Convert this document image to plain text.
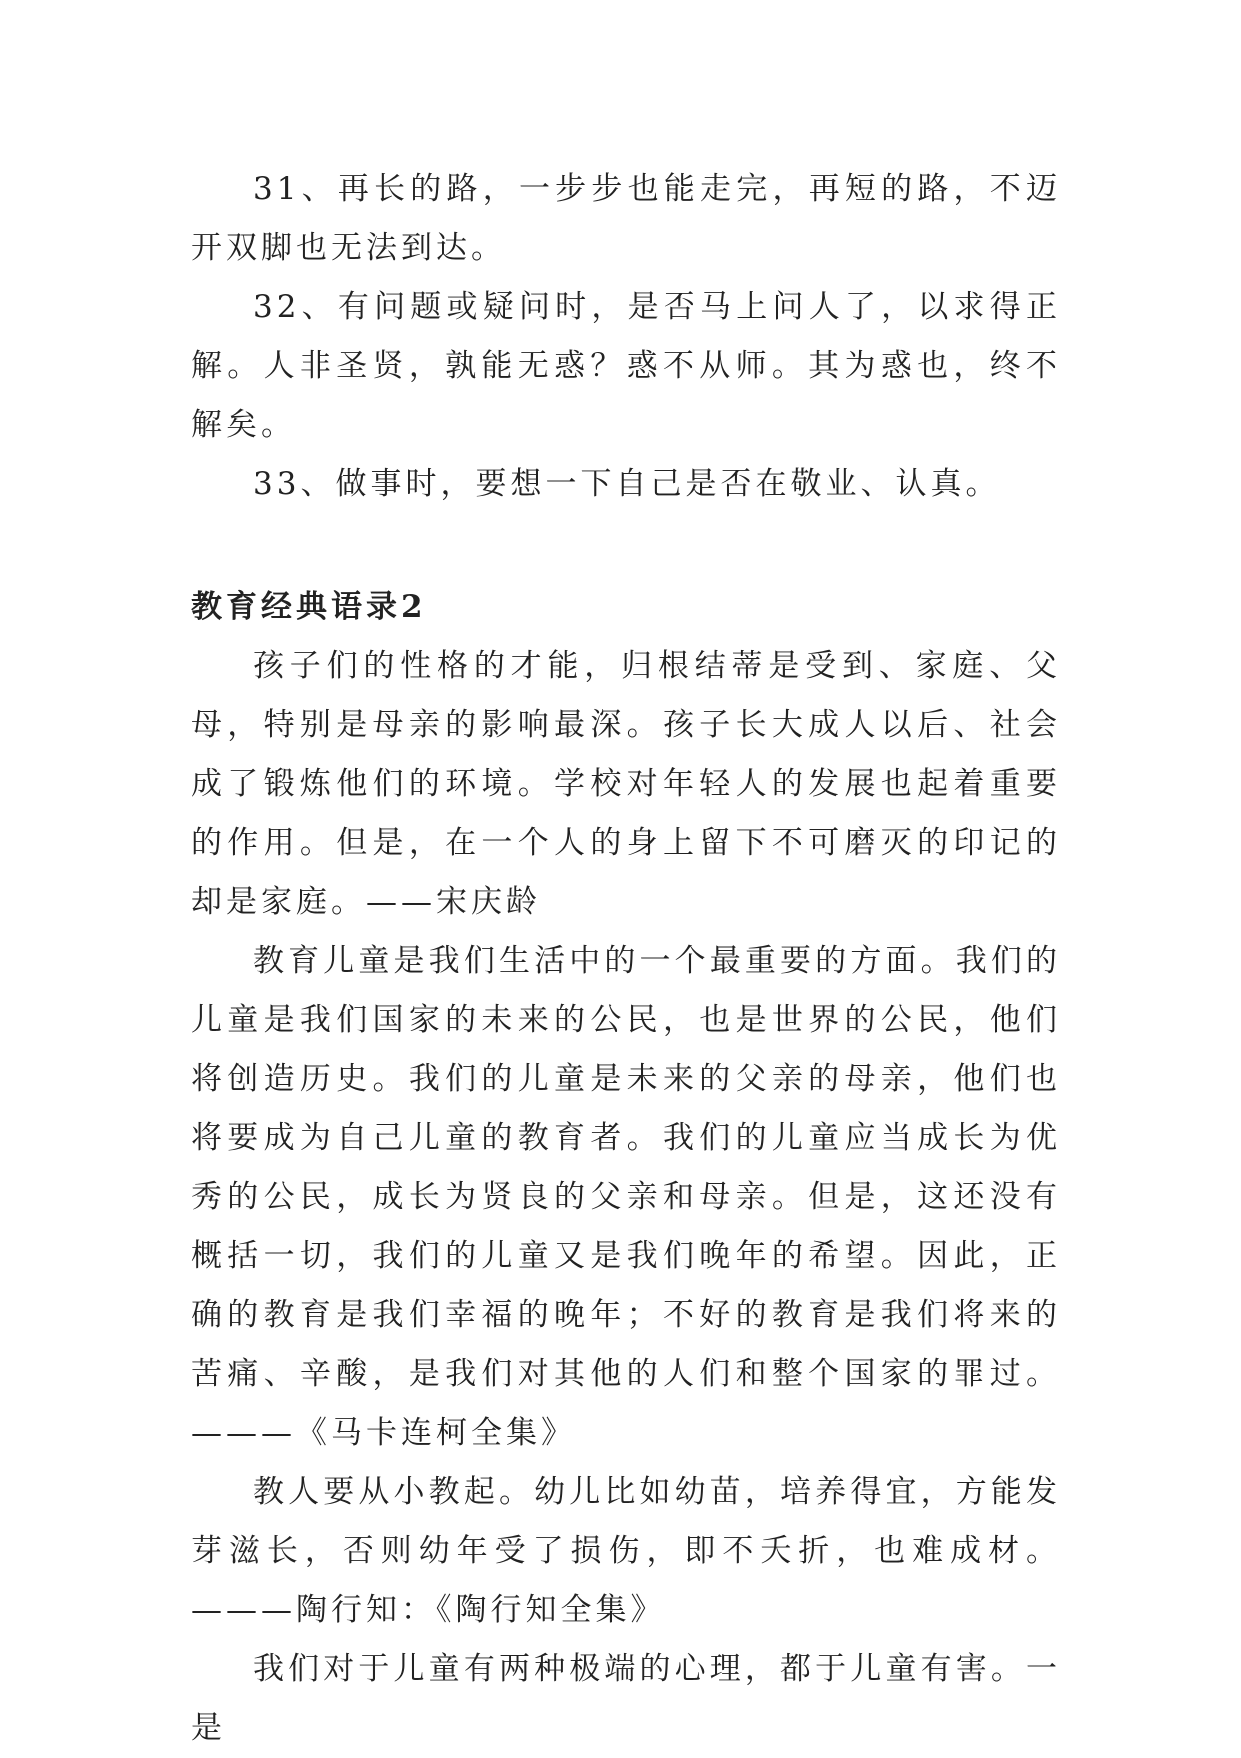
31、再长的路，一步步也能走完，再短的路，不迈开双脚也无法到达。

32、有问题或疑问时，是否马上问人了，以求得正解。人非圣贤，孰能无惑？惑不从师。其为惑也，终不解矣。

33、做事时，要想一下自己是否在敬业、认真。

教育经典语录2

孩子们的性格的才能，归根结蒂是受到、家庭、父母，特别是母亲的影响最深。孩子长大成人以后、社会成了锻炼他们的环境。学校对年轻人的发展也起着重要的作用。但是，在一个人的身上留下不可磨灭的印记的却是家庭。——宋庆龄

教育儿童是我们生活中的一个最重要的方面。我们的儿童是我们国家的未来的公民，也是世界的公民，他们将创造历史。我们的儿童是未来的父亲的母亲，他们也将要成为自己儿童的教育者。我们的儿童应当成长为优秀的公民，成长为贤良的父亲和母亲。但是，这还没有概括一切，我们的儿童又是我们晚年的希望。因此，正确的教育是我们幸福的晚年；不好的教育是我们将来的苦痛、辛酸，是我们对其他的人们和整个国家的罪过。———《马卡连柯全集》

教人要从小教起。幼儿比如幼苗，培养得宜，方能发芽滋长，否则幼年受了损伤，即不夭折，也难成材。———陶行知：《陶行知全集》

我们对于儿童有两种极端的心理，都于儿童有害。一是
